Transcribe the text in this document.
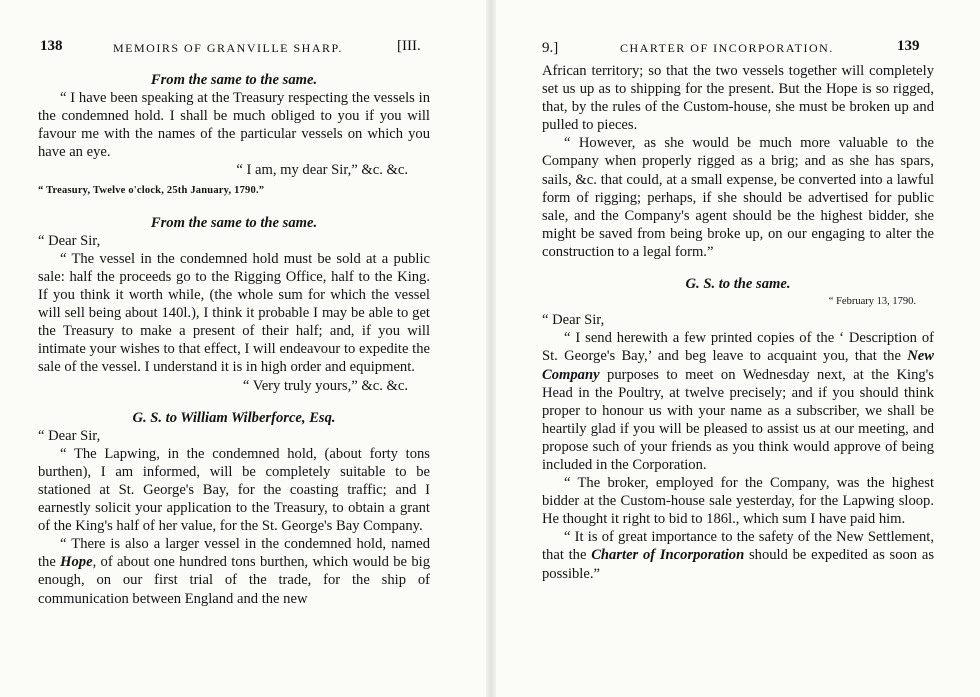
138	MEMOIRS OF GRANVILLE SHARP.	[III.
From the same to the same.
“ I have been speaking at the Treasury respecting the vessels in the condemned hold. I shall be much obliged to you if you will favour me with the names of the particular vessels on which you have an eye.
“ I am, my dear Sir,” &c. &c.
“ Treasury, Twelve o'clock, 25th January, 1790.”
From the same to the same.
“ Dear Sir,
“ The vessel in the condemned hold must be sold at a public sale: half the proceeds go to the Rigging Office, half to the King. If you think it worth while, (the whole sum for which the vessel will sell being about 140l.), I think it probable I may be able to get the Treasury to make a present of their half; and, if you will intimate your wishes to that effect, I will endeavour to expedite the sale of the vessel. I understand it is in high order and equipment.
“ Very truly yours,” &c. &c.
G. S. to William Wilberforce, Esq.
“ Dear Sir,
“ The Lapwing, in the condemned hold, (about forty tons burthen), I am informed, will be completely suitable to be stationed at St. George's Bay, for the coasting traffic; and I earnestly solicit your application to the Treasury, to obtain a grant of the King's half of her value, for the St. George's Bay Company.
“ There is also a larger vessel in the condemned hold, named the Hope, of about one hundred tons burthen, which would be big enough, on our first trial of the trade, for the ship of communication between England and the new
9.]	CHARTER OF INCORPORATION.	139
African territory; so that the two vessels together will completely set us up as to shipping for the present. But the Hope is so rigged, that, by the rules of the Custom-house, she must be broken up and pulled to pieces.
“ However, as she would be much more valuable to the Company when properly rigged as a brig; and as she has spars, sails, &c. that could, at a small expense, be converted into a lawful form of rigging; perhaps, if she should be advertised for public sale, and the Company's agent should be the highest bidder, she might be saved from being broke up, on our engaging to alter the construction to a legal form.”
G. S. to the same.
“ February 13, 1790.
“ Dear Sir,
“ I send herewith a few printed copies of the ‘ Description of St. George's Bay,’ and beg leave to acquaint you, that the New Company purposes to meet on Wednesday next, at the King's Head in the Poultry, at twelve precisely; and if you should think proper to honour us with your name as a subscriber, we shall be heartily glad if you will be pleased to assist us at our meeting, and propose such of your friends as you think would approve of being included in the Corporation.
“ The broker, employed for the Company, was the highest bidder at the Custom-house sale yesterday, for the Lapwing sloop. He thought it right to bid to 186l., which sum I have paid him.
“ It is of great importance to the safety of the New Settlement, that the Charter of Incorporation should be expedited as soon as possible.”
